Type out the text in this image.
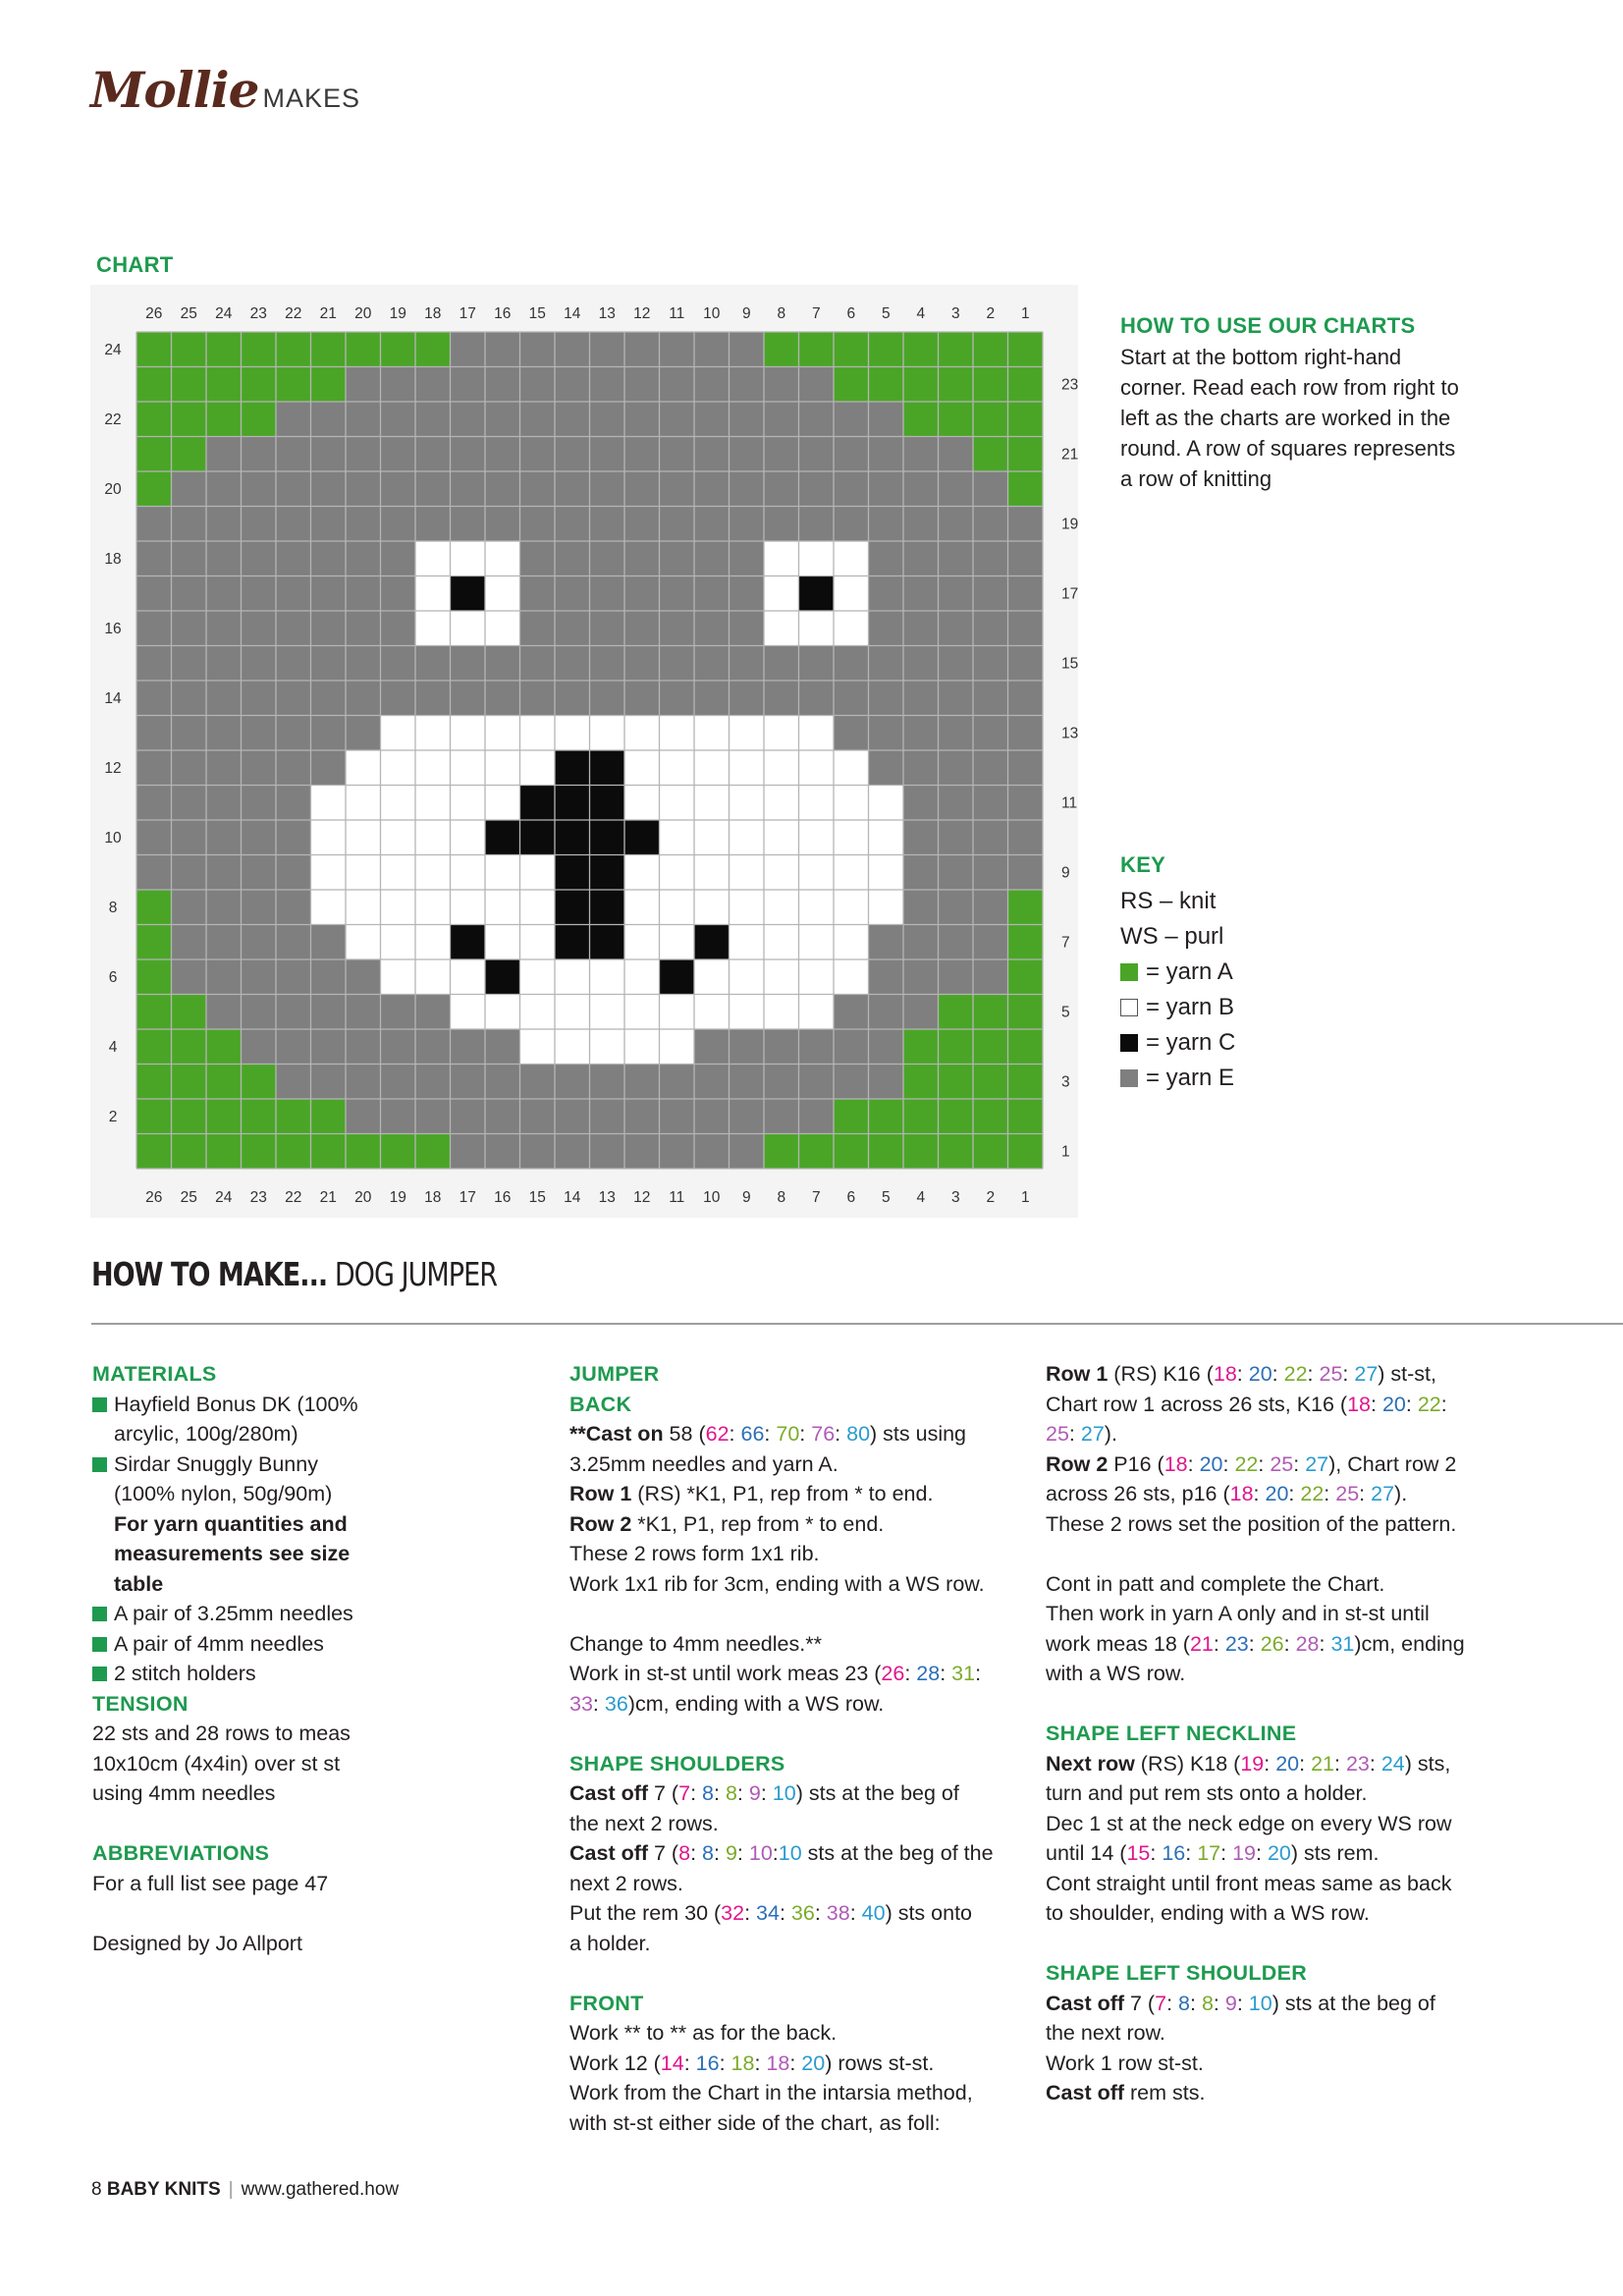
Mollie MAKES
CHART
26
26
25
25
24
24
23
23
22
22
21
21
20
20
19
19
18
18
17
17
16
16
15
15
14
14
13
13
12
12
11
11
10
10
9
9
8
8
7
7
6
6
5
5
4
4
3
3
2
2
1
1
24
22
20
18
16
14
12
10
8
6
4
2
23
21
19
17
15
13
11
9
7
5
3
1
HOW TO USE OUR CHARTS
Start at the bottom right-hand
corner. Read each row from right to
left as the charts are worked in the
round. A row of squares represents
a row of knitting
KEY
RS – knit
WS – purl
= yarn A
= yarn B
= yarn C
= yarn E
HOW TO MAKE... DOG JUMPER
MATERIALS

Hayfield Bonus DK (100%
arcylic, 100g/280m)

Sirdar Snuggly Bunny
(100% nylon, 50g/90m)
For yarn quantities and
measurements see size
table

A pair of 3.25mm needles

A pair of 4mm needles

2 stitch holders

TENSION

22 sts and 28 rows to meas

10x10cm (4x4in) over st st

using 4mm needles

ABBREVIATIONS

For a full list see page 47

Designed by Jo Allport

JUMPER
BACK

**Cast on 58 (62: 66: 70: 76: 80) sts using

3.25mm needles and yarn A.

Row 1 (RS) *K1, P1, rep from * to end.

Row 2 *K1, P1, rep from * to end.

These 2 rows form 1x1 rib.

Work 1x1 rib for 3cm, ending with a WS row.

Change to 4mm needles.**

Work in st-st until work meas 23 (26: 28: 31:

33: 36)cm, ending with a WS row.

SHAPE SHOULDERS

Cast off 7 (7: 8: 8: 9: 10) sts at the beg of

the next 2 rows.

Cast off 7 (8: 8: 9: 10:10 sts at the beg of the

next 2 rows.

Put the rem 30 (32: 34: 36: 38: 40) sts onto

a holder.

FRONT

Work ** to ** as for the back.

Work 12 (14: 16: 18: 18: 20) rows st-st.

Work from the Chart in the intarsia method,

with st-st either side of the chart, as foll:

Row 1 (RS) K16 (18: 20: 22: 25: 27) st-st,

Chart row 1 across 26 sts, K16 (18: 20: 22:

25: 27).

Row 2 P16 (18: 20: 22: 25: 27), Chart row 2

across 26 sts, p16 (18: 20: 22: 25: 27).

These 2 rows set the position of the pattern.

Cont in patt and complete the Chart.

Then work in yarn A only and in st-st until

work meas 18 (21: 23: 26: 28: 31)cm, ending

with a WS row.

SHAPE LEFT NECKLINE

Next row (RS) K18 (19: 20: 21: 23: 24) sts,

turn and put rem sts onto a holder.

Dec 1 st at the neck edge on every WS row

until 14 (15: 16: 17: 19: 20) sts rem.

Cont straight until front meas same as back

to shoulder, ending with a WS row.

SHAPE LEFT SHOULDER

Cast off 7 (7: 8: 8: 9: 10) sts at the beg of

the next row.

Work 1 row st-st.

Cast off rem sts.

8 BABY KNITS | www.gathered.how
